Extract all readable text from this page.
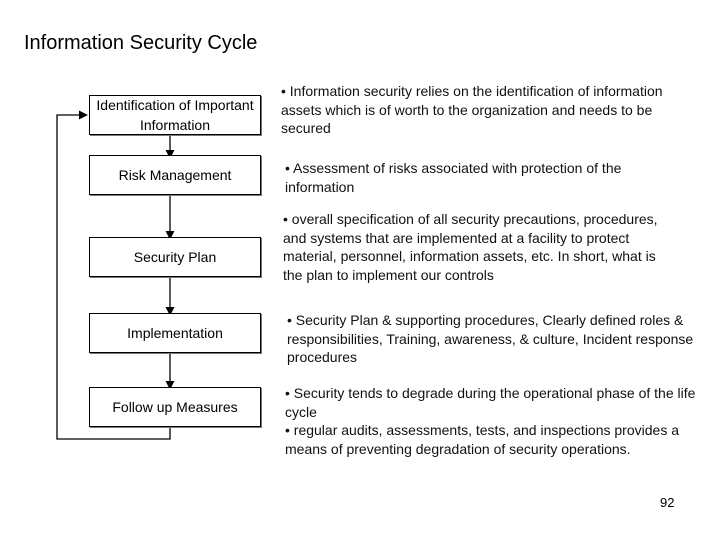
Information Security Cycle
Identification of Important Information
Risk Management
Security Plan
Implementation
Follow up Measures
• Information security relies on the identification of information assets which is of worth to the organization and needs to be secured
• Assessment of risks associated with protection of the information
• overall specification of all security precautions, procedures, and systems that are implemented at a facility to protect material, personnel, information assets, etc. In short, what is the plan to implement our controls
• Security Plan & supporting procedures, Clearly defined roles & responsibilities, Training, awareness, & culture, Incident response procedures
• Security tends to degrade during the operational phase of the life cycle
• regular audits, assessments, tests, and inspections provides a means of preventing degradation of security operations.
92
